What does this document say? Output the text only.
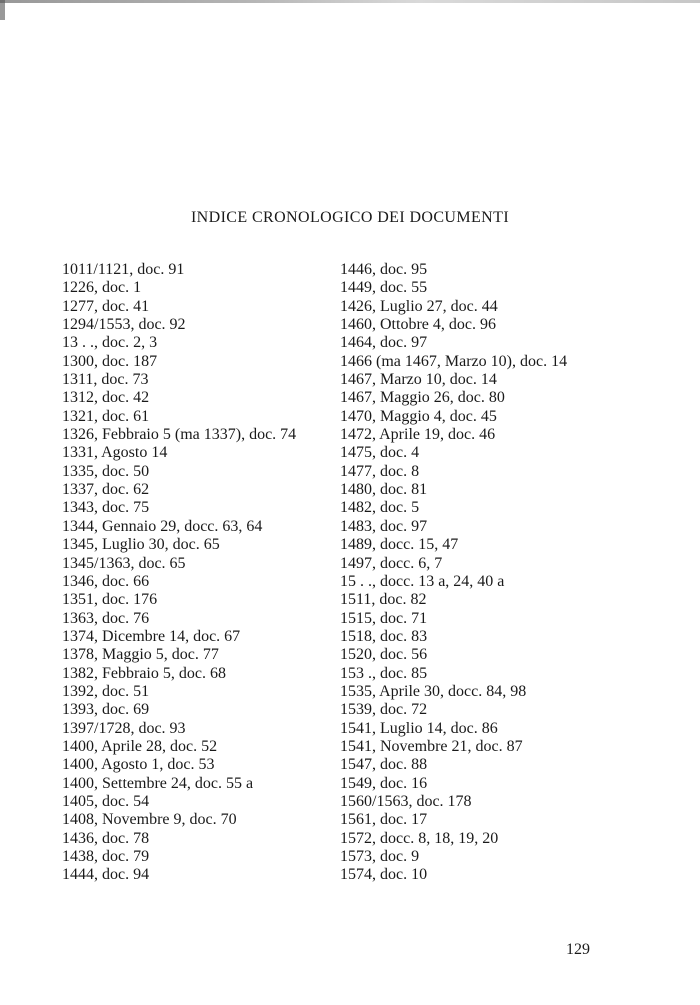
INDICE CRONOLOGICO DEI DOCUMENTI
1011/1121, doc. 91
1226, doc. 1
1277, doc. 41
1294/1553, doc. 92
13 . ., doc. 2, 3
1300, doc. 187
1311, doc. 73
1312, doc. 42
1321, doc. 61
1326, Febbraio 5 (ma 1337), doc. 74
1331, Agosto 14
1335, doc. 50
1337, doc. 62
1343, doc. 75
1344, Gennaio 29, docc. 63, 64
1345, Luglio 30, doc. 65
1345/1363, doc. 65
1346, doc. 66
1351, doc. 176
1363, doc. 76
1374, Dicembre 14, doc. 67
1378, Maggio 5, doc. 77
1382, Febbraio 5, doc. 68
1392, doc. 51
1393, doc. 69
1397/1728, doc. 93
1400, Aprile 28, doc. 52
1400, Agosto 1, doc. 53
1400, Settembre 24, doc. 55 a
1405, doc. 54
1408, Novembre 9, doc. 70
1436, doc. 78
1438, doc. 79
1444, doc. 94
1446, doc. 95
1449, doc. 55
1426, Luglio 27, doc. 44
1460, Ottobre 4, doc. 96
1464, doc. 97
1466 (ma 1467, Marzo 10), doc. 14
1467, Marzo 10, doc. 14
1467, Maggio 26, doc. 80
1470, Maggio 4, doc. 45
1472, Aprile 19, doc. 46
1475, doc. 4
1477, doc. 8
1480, doc. 81
1482, doc. 5
1483, doc. 97
1489, docc. 15, 47
1497, docc. 6, 7
15 . ., docc. 13 a, 24, 40 a
1511, doc. 82
1515, doc. 71
1518, doc. 83
1520, doc. 56
153 ., doc. 85
1535, Aprile 30, docc. 84, 98
1539, doc. 72
1541, Luglio 14, doc. 86
1541, Novembre 21, doc. 87
1547, doc. 88
1549, doc. 16
1560/1563, doc. 178
1561, doc. 17
1572, docc. 8, 18, 19, 20
1573, doc. 9
1574, doc. 10
129
